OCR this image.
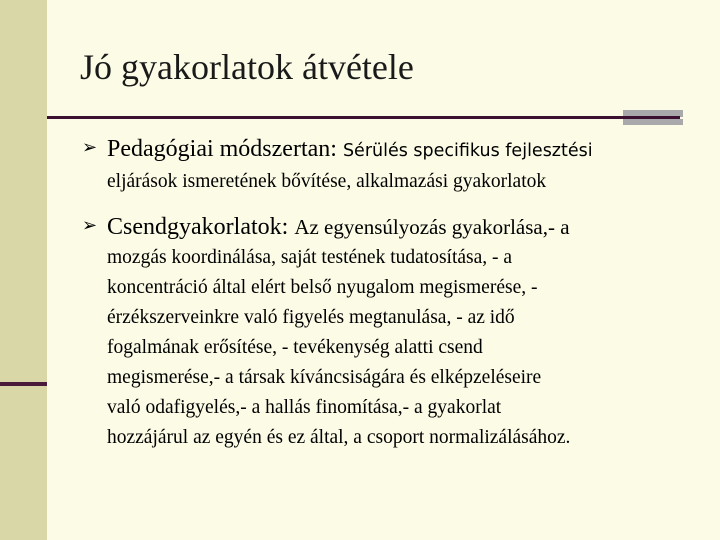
Jó gyakorlatok átvétele
➢ Pedagógiai módszertan: Sérülés specifikus fejlesztési
eljárások ismeretének bővítése, alkalmazási gyakorlatok
➢ Csendgyakorlatok: Az egyensúlyozás gyakorlása,- a
mozgás koordinálása, saját testének tudatosítása, - a
koncentráció által elért belső nyugalom megismerése, -
érzékszerveinkre való figyelés megtanulása, - az idő
fogalmának erősítése, - tevékenység alatti csend
megismerése,- a társak kíváncsiságára és elképzeléseire
való odafigyelés,- a hallás finomítása,- a gyakorlat
hozzájárul az egyén és ez által, a csoport normalizálásához.
